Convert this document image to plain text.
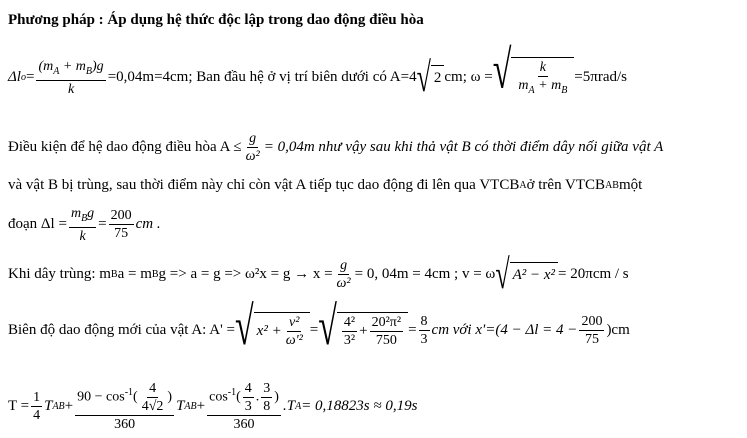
Phương pháp : Áp dụng hệ thức độc lập trong dao động điều hòa
Δl $o = \frac{(m_A + m_B)g}{k} =0,04m=4cm$; Ban đầu hệ ở vị trí biên dưới có A=4 √ 2 cm; ω = √ $\frac{k}{m_A + m_B} =5\pi rad/s$
Điều kiện để hệ dao động điều hòa $A \le \frac{g}{\text{ω²}} = 0,04m$ như vậy sau khi thả vật B có thời điểm dây nối giữa vật A
và vật B bị trùng, sau thời điểm này chỉ còn vật A tiếp tục dao động đi lên qua VTCB A ở trên VTCB AB một
đoạn $\Delta l = \frac{m_Bg}{k} = \frac{200}{75}$ cm .
Khi dây trùng: m B a = m B $g => a = g => \omega^2x = g \to x = \frac{g}{\text{ω²}} = 0$, 04m = 4cm ; v = ω √ A² − x² = 20πcm / s
Biên độ dao động mới của vật A: A' = √ $x^2 + \frac{\text{v²}}{\text{ω'²}}$ = √ $\frac{\text{4²}}{\text{3²}} + \frac{\text{20²π²}}{750} = \frac{8}{3}$ cm với $x'=(4 - \Delta l = 4 - \frac{200}{75} )cm$
$T = \frac{1}{4}$ T AB + $\frac{90 - \cos^{-1}( \frac{4}{4√2} )}{360}$ T AB + $\frac{\cos^{-1}( \frac{4}{3} . \frac{3}{8} )}{360} .T$ A = 0,18823s ≈ 0,19s
